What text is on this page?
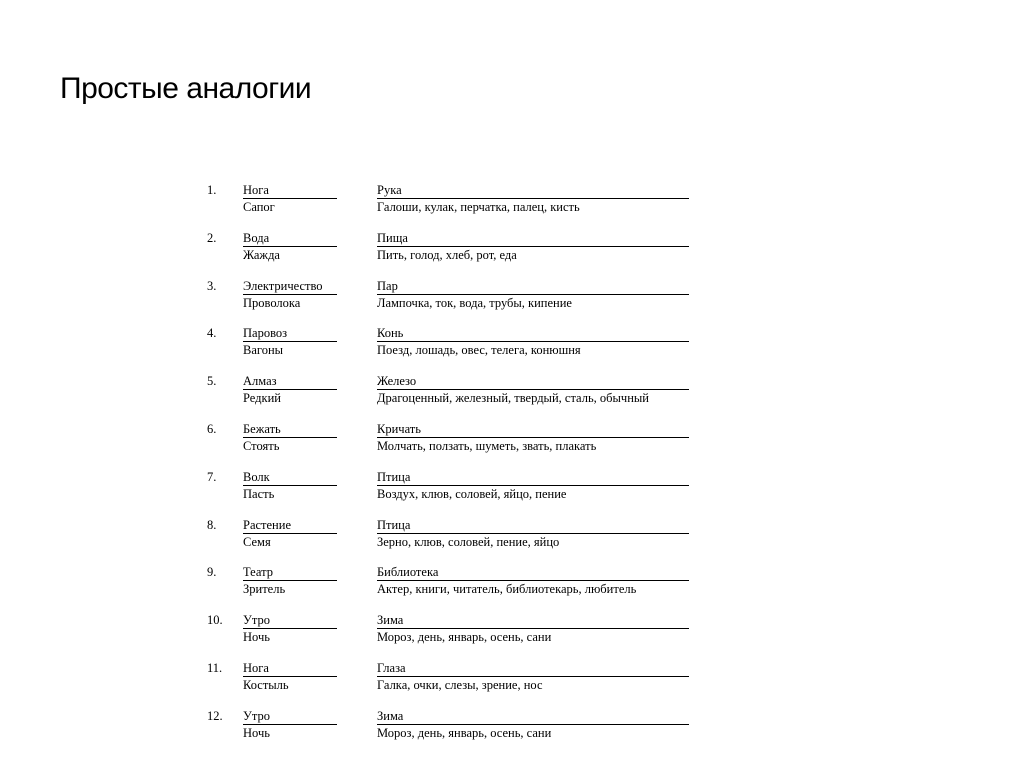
Простые аналогии
1.	Нога
Сапог
Рука
Галоши, кулак, перчатка, палец, кисть
2.	Вода
Жажда
Пища
Пить, голод, хлеб, рот, еда
3.	Электричество
Проволока
Пар
Лампочка, ток, вода, трубы, кипение
4.	Паровоз
Вагоны
Конь
Поезд, лошадь, овес, телега, конюшня
5.	Алмаз
Редкий
Железо
Драгоценный, железный, твердый, сталь, обычный
6.	Бежать
Стоять
Кричать
Молчать, ползать, шуметь, звать, плакать
7.	Волк
Пасть
Птица
Воздух, клюв, соловей, яйцо, пение
8.	Растение
Семя
Птица
Зерно, клюв, соловей, пение, яйцо
9.	Театр
Зритель
Библиотека
Актер, книги, читатель, библиотекарь, любитель
10.	Утро
Ночь
Зима
Мороз, день, январь, осень, сани
11.	Нога
Костыль
Глаза
Галка, очки, слезы, зрение, нос
12.	Утро
Ночь
Зима
Мороз, день, январь, осень, сани
